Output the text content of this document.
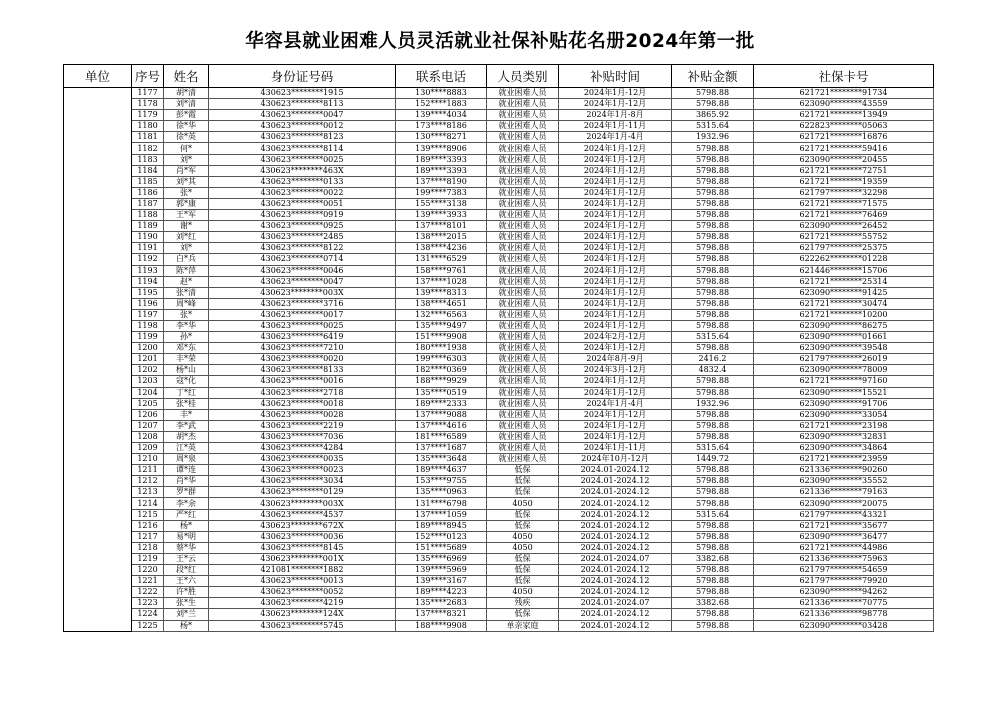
华容县就业困难人员灵活就业社保补贴花名册2024年第一批
单位	序号	姓名	身份证号码	联系电话	人员类别	补贴时间	补贴金额	社保卡号
	1177	胡*清	430623********1915	130****8883	就业困难人员	2024年1月-12月	5798.88	621721********91734
	1178	刘*清	430623********8113	152****1883	就业困难人员	2024年1月-12月	5798.88	623090********43559
	1179	彭*霞	430623********0047	139****4034	就业困难人员	2024年1月-8月	3865.92	621721********13949
	1180	徐*华	430623********0012	173****8186	就业困难人员	2024年1月-11月	5315.64	622823********05063
	1181	徐*英	430623********8123	130****8271	就业困难人员	2024年1月-4月	1932.96	621721********16876
	1182	何*	430623********8114	139****8906	就业困难人员	2024年1月-12月	5798.88	621721********59416
	1183	刘*	430623********0025	189****3393	就业困难人员	2024年1月-12月	5798.88	623090********20455
	1184	肖*军	430623********463X	189****3393	就业困难人员	2024年1月-12月	5798.88	621721********72751
	1185	刘*其	430623********0133	137****8190	就业困难人员	2024年1月-12月	5798.88	621721********19359
	1186	张*	430623********0022	199****7383	就业困难人员	2024年1月-12月	5798.88	621797********32298
	1187	郭*康	430623********0051	155****3138	就业困难人员	2024年1月-12月	5798.88	621721********71575
	1188	王*军	430623********0919	139****3933	就业困难人员	2024年1月-12月	5798.88	621721********76469
	1189	谢*	430623********0925	137****8101	就业困难人员	2024年1月-12月	5798.88	623090********26452
	1190	刘*红	430623********2485	138****2015	就业困难人员	2024年1月-12月	5798.88	621721********55752
	1191	刘*	430623********8122	138****4236	就业困难人员	2024年1月-12月	5798.88	621797********25375
	1192	白*兵	430623********0714	131****6529	就业困难人员	2024年1月-12月	5798.88	622262********01228
	1193	陈*萍	430623********0046	158****9761	就业困难人员	2024年1月-12月	5798.88	621446********15706
	1194	赵*	430623********0047	137****1028	就业困难人员	2024年1月-12月	5798.88	621721********25314
	1195	张*清	430623********003X	139****8313	就业困难人员	2024年1月-12月	5798.88	623090********91425
	1196	周*峰	430623********3716	138****4651	就业困难人员	2024年1月-12月	5798.88	621721********30474
	1197	张*	430623********0017	132****6563	就业困难人员	2024年1月-12月	5798.88	621721********10200
	1198	李*华	430623********0025	135****9497	就业困难人员	2024年1月-12月	5798.88	623090********86275
	1199	孙*	430623********6419	151****9908	就业困难人员	2024年2月-12月	5315.64	623090********01661
	1200	邓*东	430623********7210	180****1938	就业困难人员	2024年1月-12月	5798.88	623090********39548
	1201	丰*荣	430623********0020	199****6303	就业困难人员	2024年8月-9月	2416.2	621797********26019
	1202	杨*山	430623********8133	182****0369	就业困难人员	2024年3月-12月	4832.4	623090********78009
	1203	寇*化	430623********0016	188****9929	就业困难人员	2024年1月-12月	5798.88	621721********97160
	1204	丁*红	430623********2718	135****0519	就业困难人员	2024年1月-12月	5798.88	623090********15521
	1205	张*桂	430623********0018	189****2333	就业困难人员	2024年1月-4月	1932.96	623090********91706
	1206	丰*	430623********0028	137****9088	就业困难人员	2024年1月-12月	5798.88	623090********33054
	1207	李*武	430623********2219	137****4616	就业困难人员	2024年1月-12月	5798.88	621721********23198
	1208	胡*杰	430623********7036	181****6589	就业困难人员	2024年1月-12月	5798.88	623090********32831
	1209	江*英	430623********4284	137****1687	就业困难人员	2024年1月-11月	5315.64	623090********34864
	1210	周*泉	430623********0035	135****3648	就业困难人员	2024年10月-12月	1449.72	621721********23959
	1211	谭*连	430623********0023	189****4637	低保	2024.01-2024.12	5798.88	621336********90260
	1212	肖*华	430623********3034	153****9755	低保	2024.01-2024.12	5798.88	623090********35552
	1213	罗*群	430623********0129	135****0963	低保	2024.01-2024.12	5798.88	621336********79163
	1214	李*余	430623********003X	131****6798	4050	2024.01-2024.12	5798.88	623090********20075
	1215	严*红	430623********4537	137****1059	低保	2024.01-2024.12	5315.64	621797********43321
	1216	杨*	430623********672X	189****8945	低保	2024.01-2024.12	5798.88	621721********35677
	1217	易*明	430623********0036	152****0123	4050	2024.01-2024.12	5798.88	623090********36477
	1218	蔡*华	430623********8145	151****5689	4050	2024.01-2024.12	5798.88	621721********44986
	1219	王*云	430623********001X	135****6969	低保	2024.01-2024.07	3382.68	621336********75963
	1220	段*红	421081********1882	139****5969	低保	2024.01-2024.12	5798.88	621797********54659
	1221	王*六	430623********0013	139****3167	低保	2024.01-2024.12	5798.88	621797********79920
	1222	许*胜	430623********0052	189****4223	4050	2024.01-2024.12	5798.88	623090********94262
	1223	张*生	430623********4219	135****2683	残疾	2024.01-2024.07	3382.68	621336********70775
	1224	刘*兰	430623********124X	137****8321	低保	2024.01-2024.12	5798.88	621336********98778
	1225	杨*	430623********5745	188****9908	单亲家庭	2024.01-2024.12	5798.88	623090********03428
